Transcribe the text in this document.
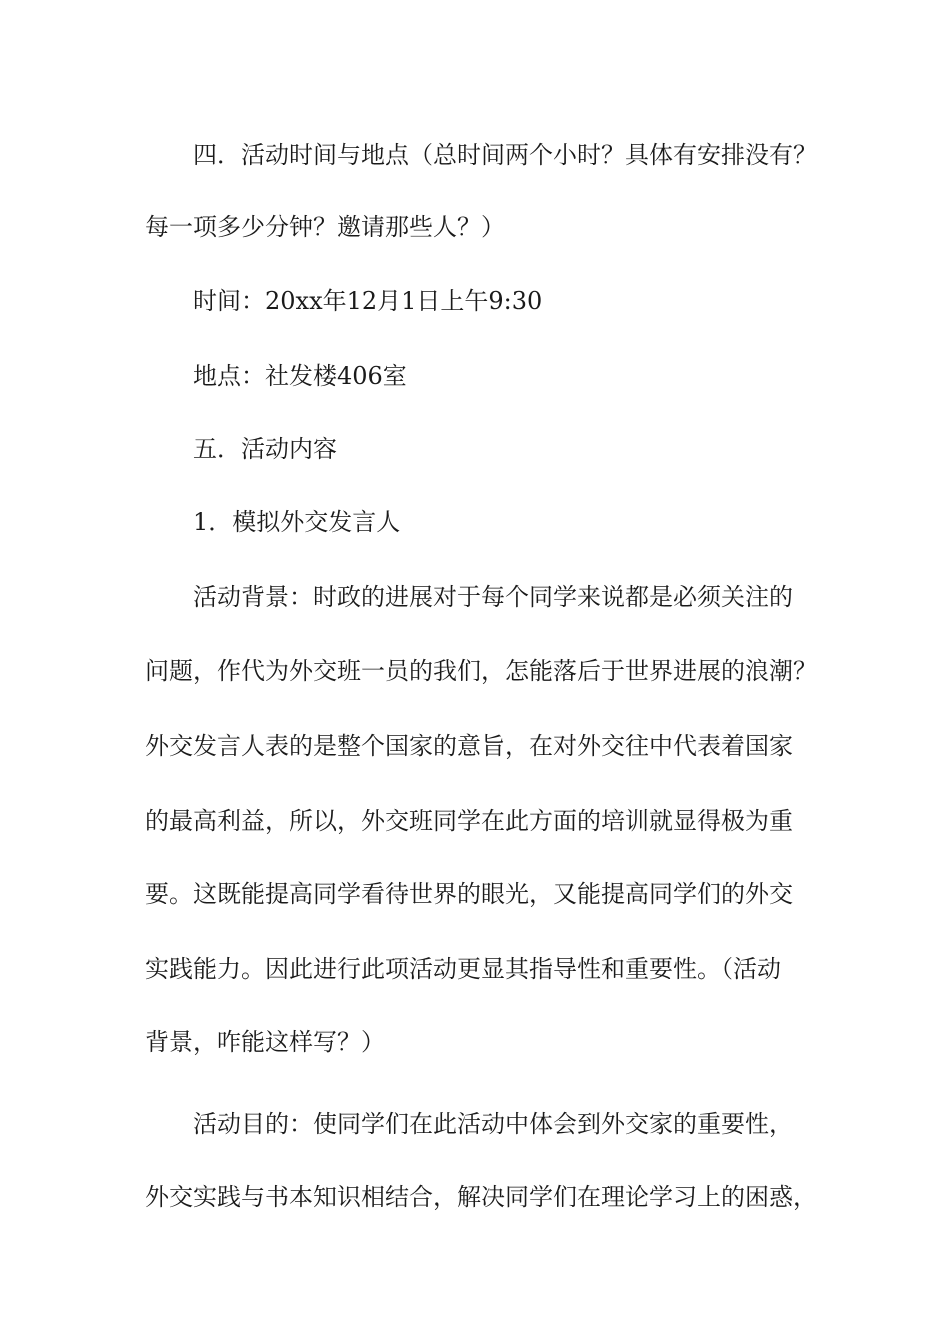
四．活动时间与地点（总时间两个小时？具体有安排没有？
每一项多少分钟？邀请那些人？）
时间：20xx年12月1日上午9:30
地点：社发楼406室
五．活动内容
1．模拟外交发言人
活动背景：时政的进展对于每个同学来说都是必须关注的
问题，作代为外交班一员的我们，怎能落后于世界进展的浪潮？
外交发言人表的是整个国家的意旨，在对外交往中代表着国家
的最高利益，所以，外交班同学在此方面的培训就显得极为重
要。这既能提高同学看待世界的眼光，又能提高同学们的外交
实践能力。因此进行此项活动更显其指导性和重要性。（活动
背景，咋能这样写？）
活动目的：使同学们在此活动中体会到外交家的重要性，
外交实践与书本知识相结合，解决同学们在理论学习上的困惑，
